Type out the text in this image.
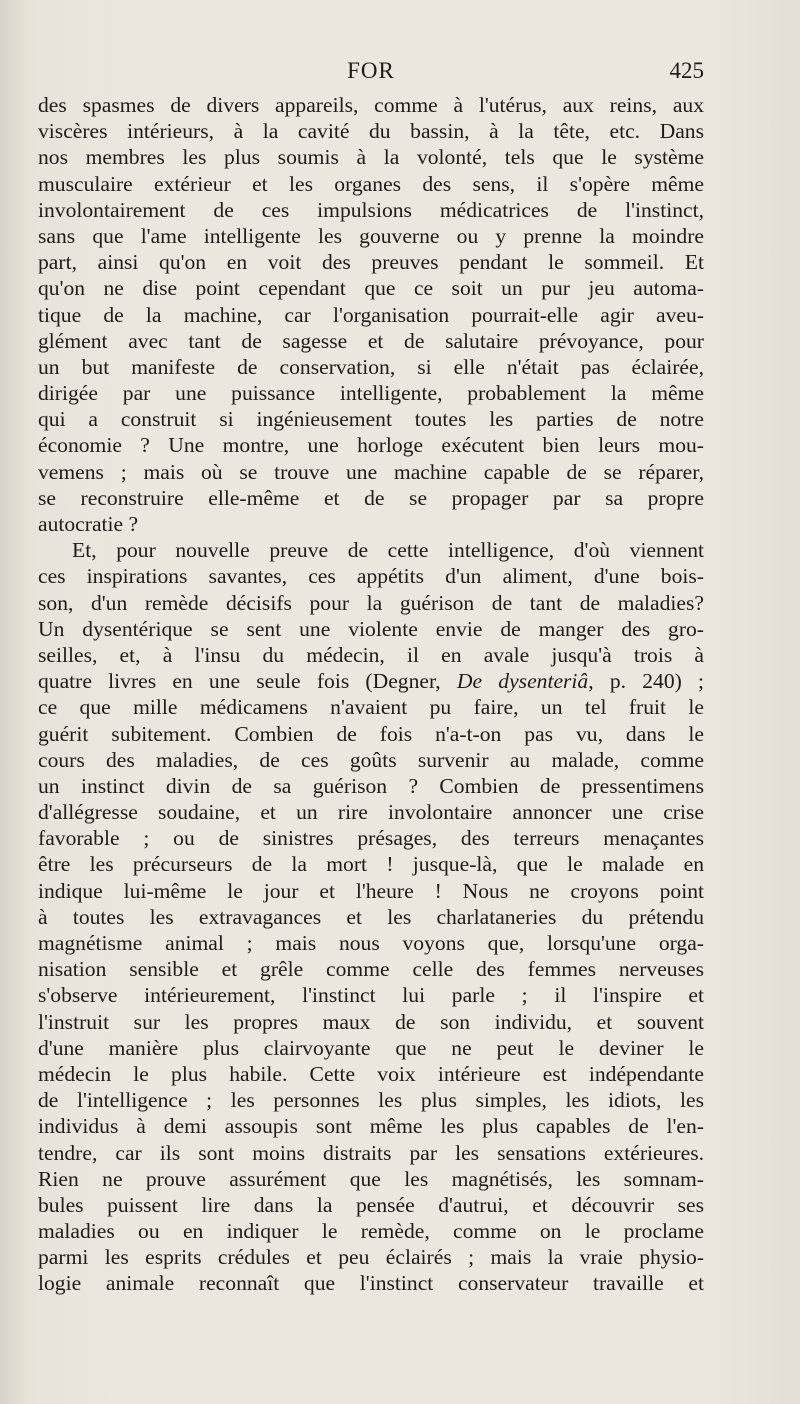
FOR	425
des spasmes de divers appareils, comme à l'utérus, aux reins, aux
viscères intérieurs, à la cavité du bassin, à la tête, etc. Dans
nos membres les plus soumis à la volonté, tels que le système
musculaire extérieur et les organes des sens, il s'opère même
involontairement de ces impulsions médicatrices de l'instinct,
sans que l'ame intelligente les gouverne ou y prenne la moindre
part, ainsi qu'on en voit des preuves pendant le sommeil. Et
qu'on ne dise point cependant que ce soit un pur jeu automa-
tique de la machine, car l'organisation pourrait-elle agir aveu-
glément avec tant de sagesse et de salutaire prévoyance, pour
un but manifeste de conservation, si elle n'était pas éclairée,
dirigée par une puissance intelligente, probablement la même
qui a construit si ingénieusement toutes les parties de notre
économie ? Une montre, une horloge exécutent bien leurs mou-
vemens ; mais où se trouve une machine capable de se réparer,
se reconstruire elle-même et de se propager par sa propre
autocratie ?
Et, pour nouvelle preuve de cette intelligence, d'où viennent
ces inspirations savantes, ces appétits d'un aliment, d'une bois-
son, d'un remède décisifs pour la guérison de tant de maladies?
Un dysentérique se sent une violente envie de manger des gro-
seilles, et, à l'insu du médecin, il en avale jusqu'à trois à
quatre livres en une seule fois (Degner, De dysenteriâ, p. 240) ;
ce que mille médicamens n'avaient pu faire, un tel fruit le
guérit subitement. Combien de fois n'a-t-on pas vu, dans le
cours des maladies, de ces goûts survenir au malade, comme
un instinct divin de sa guérison ? Combien de pressentimens
d'allégresse soudaine, et un rire involontaire annoncer une crise
favorable ; ou de sinistres présages, des terreurs menaçantes
être les précurseurs de la mort ! jusque-là, que le malade en
indique lui-même le jour et l'heure ! Nous ne croyons point
à toutes les extravagances et les charlataneries du prétendu
magnétisme animal ; mais nous voyons que, lorsqu'une orga-
nisation sensible et grêle comme celle des femmes nerveuses
s'observe intérieurement, l'instinct lui parle ; il l'inspire et
l'instruit sur les propres maux de son individu, et souvent
d'une manière plus clairvoyante que ne peut le deviner le
médecin le plus habile. Cette voix intérieure est indépendante
de l'intelligence ; les personnes les plus simples, les idiots, les
individus à demi assoupis sont même les plus capables de l'en-
tendre, car ils sont moins distraits par les sensations extérieures.
Rien ne prouve assurément que les magnétisés, les somnam-
bules puissent lire dans la pensée d'autrui, et découvrir ses
maladies ou en indiquer le remède, comme on le proclame
parmi les esprits crédules et peu éclairés ; mais la vraie physio-
logie animale reconnaît que l'instinct conservateur travaille et
